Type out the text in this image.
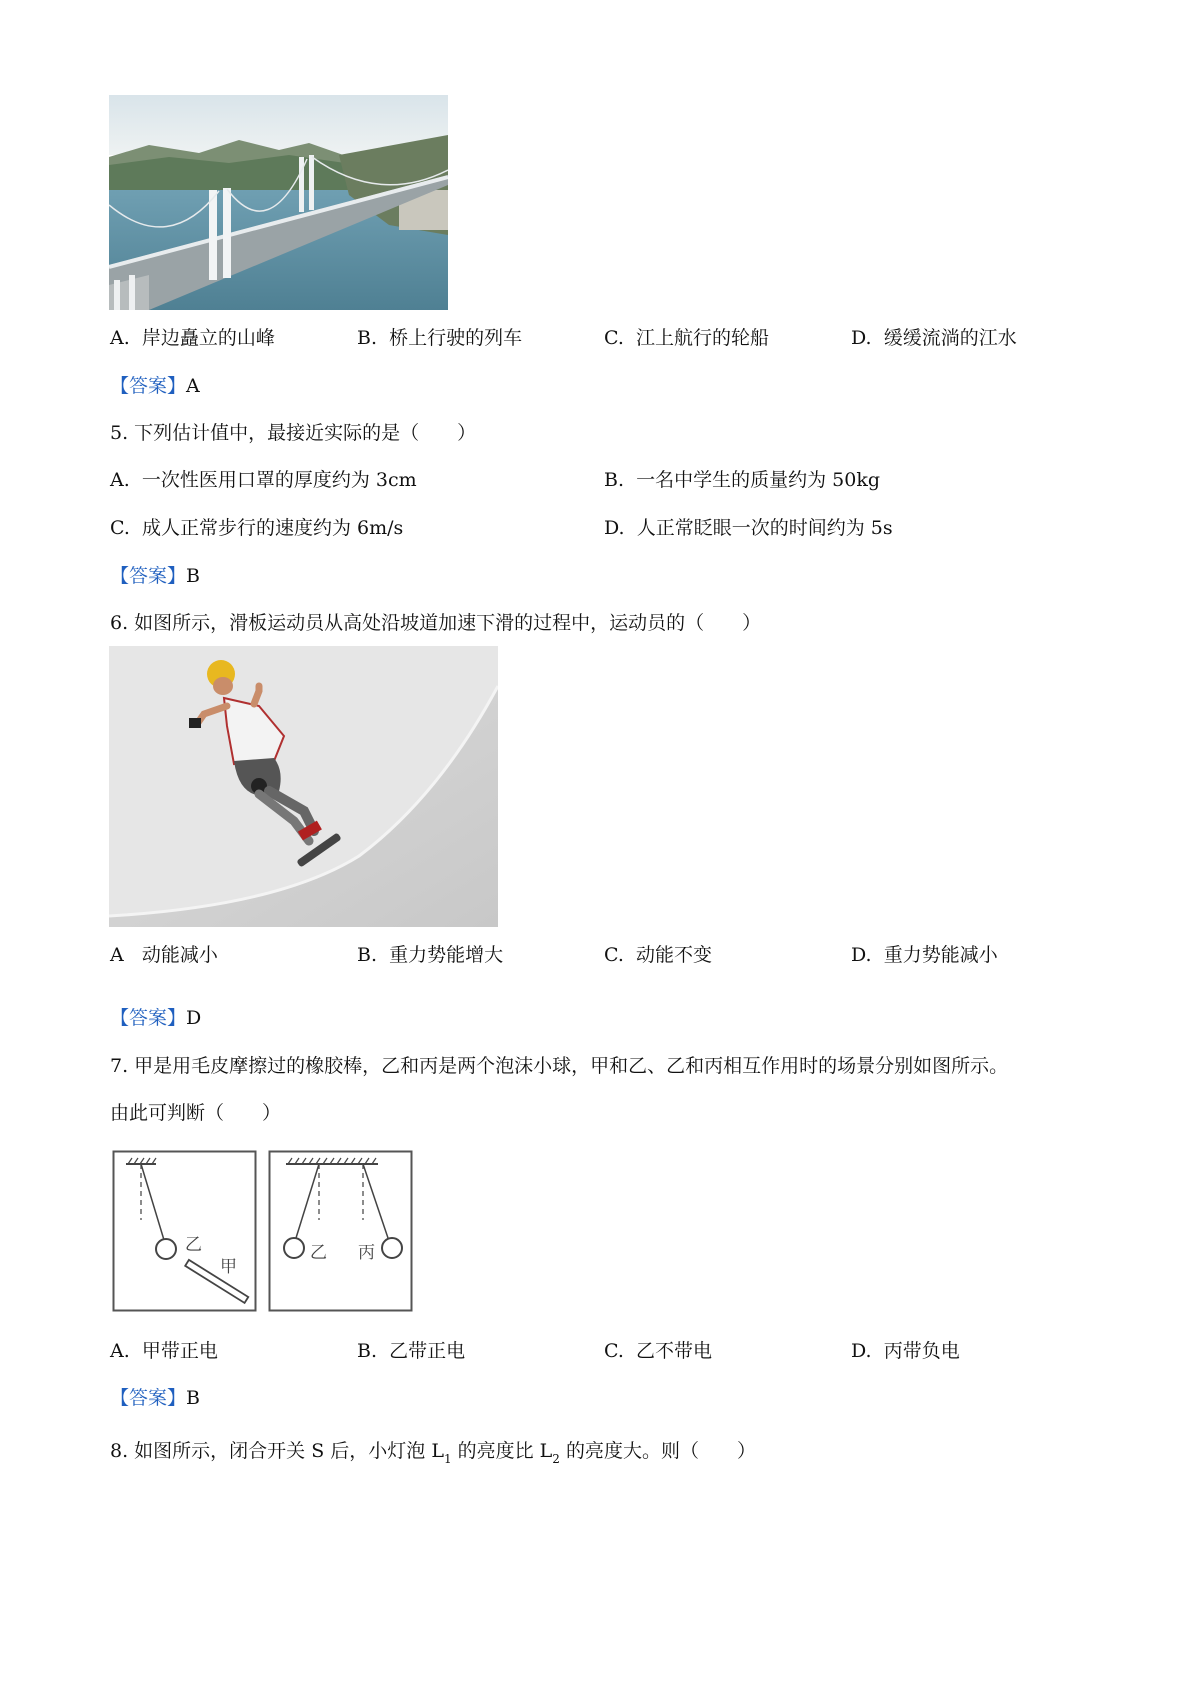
A. 岸边矗立的山峰	B. 桥上行驶的列车	C. 江上航行的轮船	D. 缓缓流淌的江水
【答案】A
5. 下列估计值中，最接近实际的是（　　）
A. 一次性医用口罩的厚度约为 3cm	B. 一名中学生的质量约为 50kg
C. 成人正常步行的速度约为 6m/s	D. 人正常眨眼一次的时间约为 5s
【答案】B
6. 如图所示，滑板运动员从高处沿坡道加速下滑的过程中，运动员的（　　）
A 动能减小	B. 重力势能增大	C. 动能不变	D. 重力势能减小
【答案】D
7. 甲是用毛皮摩擦过的橡胶棒，乙和丙是两个泡沫小球，甲和乙、乙和丙相互作用时的场景分别如图所示。
由此可判断（　　）
乙
甲
乙 丙
A. 甲带正电	B. 乙带正电	C. 乙不带电	D. 丙带负电
【答案】B
8. 如图所示，闭合开关 S 后，小灯泡 $L_1$ 的亮度比 $L_2$ 的亮度大。则（　　）
